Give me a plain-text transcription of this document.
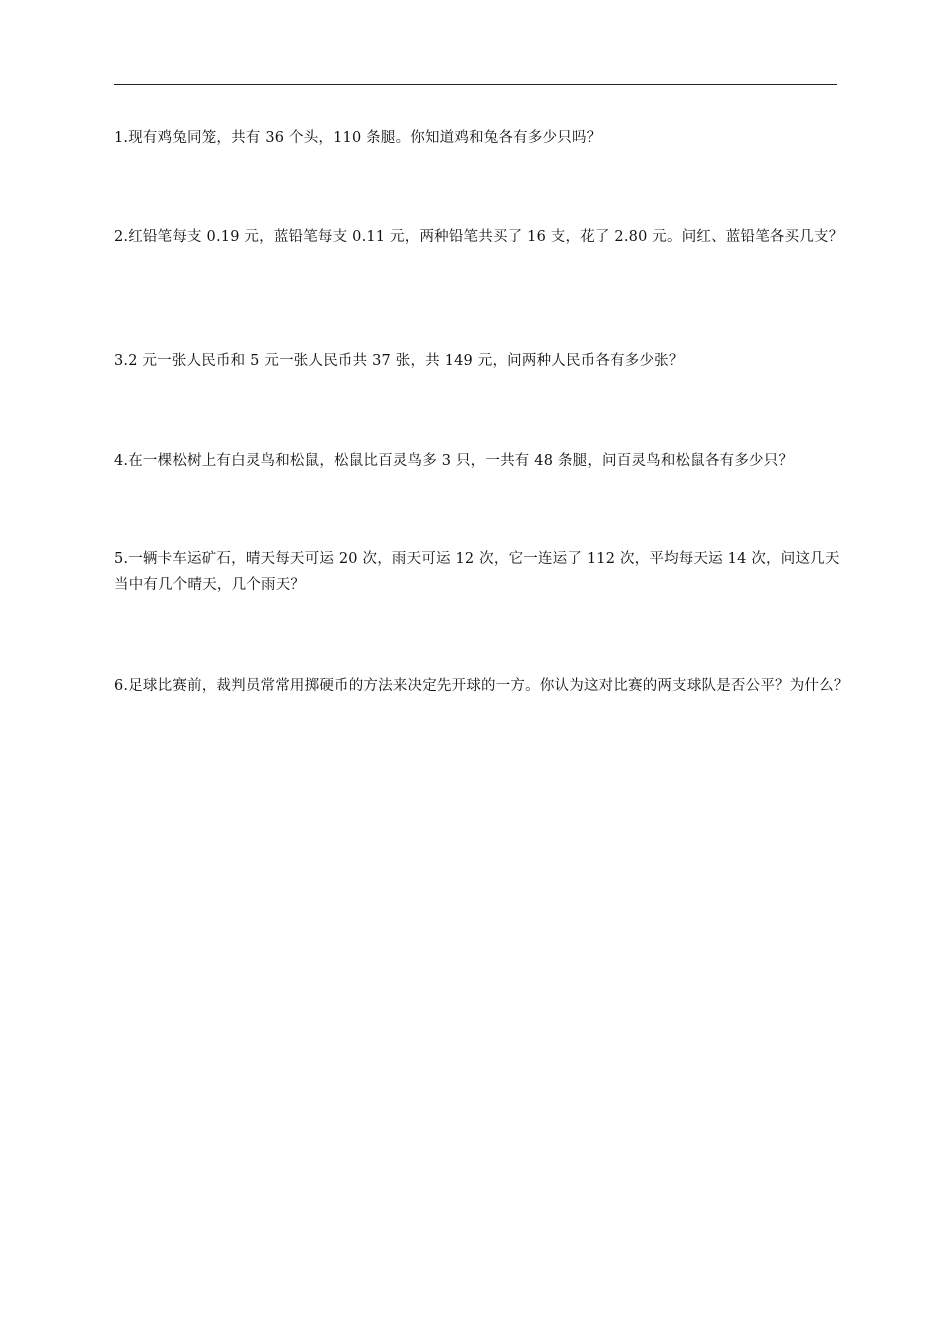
1.现有鸡兔同笼，共有 36 个头，110 条腿。你知道鸡和兔各有多少只吗？
2.红铅笔每支 0.19 元，蓝铅笔每支 0.11 元，两种铅笔共买了 16 支，花了 2.80 元。问红、蓝铅笔各买几支？
3.2 元一张人民币和 5 元一张人民币共 37 张，共 149 元，问两种人民币各有多少张？
4.在一棵松树上有白灵鸟和松鼠，松鼠比百灵鸟多 3 只，一共有 48 条腿，问百灵鸟和松鼠各有多少只？
5.一辆卡车运矿石，晴天每天可运 20 次，雨天可运 12 次，它一连运了 112 次，平均每天运 14 次，问这几天当中有几个晴天，几个雨天？
6.足球比赛前，裁判员常常用掷硬币的方法来决定先开球的一方。你认为这对比赛的两支球队是否公平？为什么？
